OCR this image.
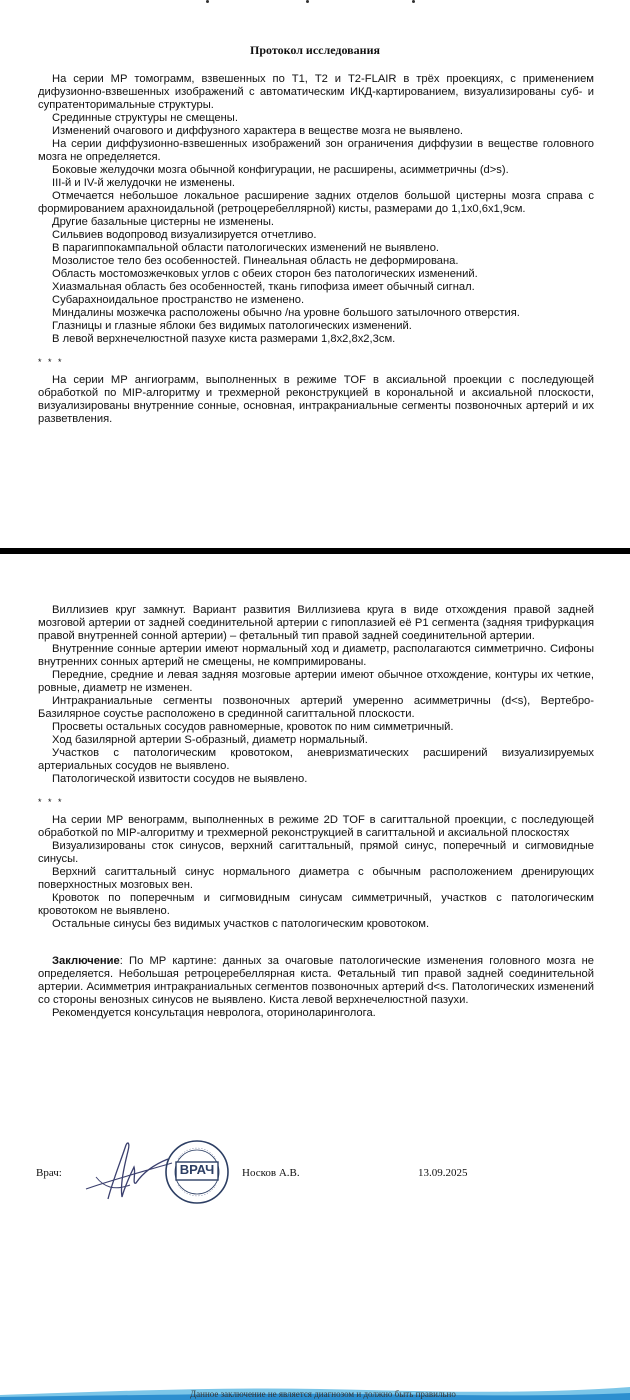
Протокол исследования

На серии МР томограмм, взвешенных по Т1, Т2 и Т2-FLAIR в трёх проекциях, с применением дифузионно-взвешенных изображений с автоматическим ИКД-картированием, визуализированы суб- и супратенторимальные структуры.

Срединные структуры не смещены.

Изменений очагового и диффузного характера в веществе мозга не выявлено.

На серии диффузионно-взвешенных изображений зон ограничения диффузии в веществе головного мозга не определяется.

Боковые желудочки мозга обычной конфигурации, не расширены, асимметричны (d>s).

III-й и IV-й желудочки не изменены.

Отмечается небольшое локальное расширение задних отделов большой цистерны мозга справа с формированием арахноидальной (ретроцеребеллярной) кисты, размерами до 1,1х0,6х1,9см.

Другие базальные цистерны не изменены.

Сильвиев водопровод визуализируется отчетливо.

В парагиппокампальной области патологических изменений не выявлено.

Мозолистое тело без особенностей. Пинеальная область не деформирована.

Область мостомозжечковых углов с обеих сторон без патологических изменений.

Хиазмальная область без особенностей, ткань гипофиза имеет обычный сигнал.

Субарахноидальное пространство не изменено.

Миндалины мозжечка расположены обычно /на уровне большого затылочного отверстия.

Глазницы и глазные яблоки без видимых патологических изменений.

В левой верхнечелюстной пазухе киста размерами 1,8х2,8х2,3см.

* * *

На серии МР ангиограмм, выполненных в режиме TOF в аксиальной проекции с последующей обработкой по MIP-алгоритму и трехмерной реконструкцией в корональной и аксиальной плоскости, визуализированы внутренние сонные, основная, интракраниальные сегменты позвоночных артерий и их разветвления.

Виллизиев круг замкнут. Вариант развития Виллизиева круга в виде отхождения правой задней мозговой артерии от задней соединительной артерии с гипоплазией её Р1 сегмента (задняя трифуркация правой внутренней сонной артерии) – фетальный тип правой задней соединительной артерии.

Внутренние сонные артерии имеют нормальный ход и диаметр, располагаются симметрично. Сифоны внутренних сонных артерий не смещены, не компримированы.

Передние, средние и левая задняя мозговые артерии имеют обычное отхождение, контуры их четкие, ровные, диаметр не изменен.

Интракраниальные сегменты позвоночных артерий умеренно асимметричны (d<s), Вертебро-Базилярное соустье расположено в срединной сагиттальной плоскости.

Просветы остальных сосудов равномерные, кровоток по ним симметричный.

Ход базилярной артерии S-образный, диаметр нормальный.

Участков с патологическим кровотоком, аневризматических расширений визуализируемых артериальных сосудов не выявлено.

Патологической извитости сосудов не выявлено.

* * *

На серии МР венограмм, выполненных в режиме 2D TOF в сагиттальной проекции, с последующей обработкой по MIP-алгоритму и трехмерной реконструкцией в сагиттальной и аксиальной плоскостях

Визуализированы сток синусов, верхний сагиттальный, прямой синус, поперечный и сигмовидные синусы.

Верхний сагиттальный синус нормального диаметра с обычным расположением дренирующих поверхностных мозговых вен.

Кровоток по поперечным и сигмовидным синусам симметричный, участков с патологическим кровотоком не выявлено.

Остальные синусы без видимых участков с патологическим кровотоком.

Заключение: По МР картине: данных за очаговые патологические изменения головного мозга не определяется. Небольшая ретроцеребеллярная киста. Фетальный тип правой задней соединительной артерии. Асимметрия интракраниальных сегментов позвоночных артерий d<s. Патологических изменений со стороны венозных синусов не выявлено. Киста левой верхнечелюстной пазухи.

Рекомендуется консультация невролога, оториноларинголога.

Врач:	ВРАЧ	Носков А.В.	13.09.2025
Данное заключение не является диагнозом и должно быть правильно
